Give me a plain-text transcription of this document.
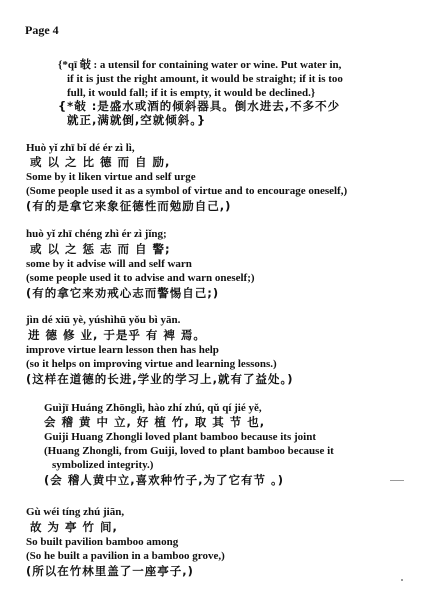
Page 4
{*qī 敧 : a utensil for containing water or wine. Put water in,
if it is just the right amount, it would be straight; if it is too
full, it would fall; if it is empty, it would be declined.}
{*敧 :是盛水或酒的倾斜器具。倒水进去,不多不少
就正,满就倒,空就倾斜。}
Huò yǐ zhī bǐ dé ér zì lì,
或 以 之 比 德 而 自 励,
Some by it liken virtue and self urge
(Some people used it as a symbol of virtue and to encourage oneself,)
(有的是拿它来象征德性而勉励自己,)
huò yǐ zhī chéng zhì ér zì jǐng;
或 以 之 惩 志 而 自 警;
some by it advise will and self warn
(some people used it to advise and warn oneself;)
(有的拿它来劝戒心志而警惕自己;)
jìn dé xiū yè, yúshìhū yǒu bì yān.
进 德 修 业, 于是乎 有 裨 焉。
improve virtue learn lesson then has help
(so it helps on improving virtue and learning lessons.)
(这样在道德的长进,学业的学习上,就有了益处。)
Guìjī Huáng Zhōnglì, hào zhí zhú, qǔ qí jié yě,
会 稽 黄 中 立, 好 植 竹, 取 其 节 也,
Guiji Huang Zhongli loved plant bamboo because its joint
(Huang Zhongli, from Guiji, loved to plant bamboo because it
symbolized integrity.)
(会 稽人黄中立,喜欢种竹子,为了它有节 。)
Gù wéi tíng zhú jiān,
故 为 亭 竹 间,
So built pavilion bamboo among
(So he built a pavilion in a bamboo grove,)
(所以在竹林里盖了一座亭子,)
